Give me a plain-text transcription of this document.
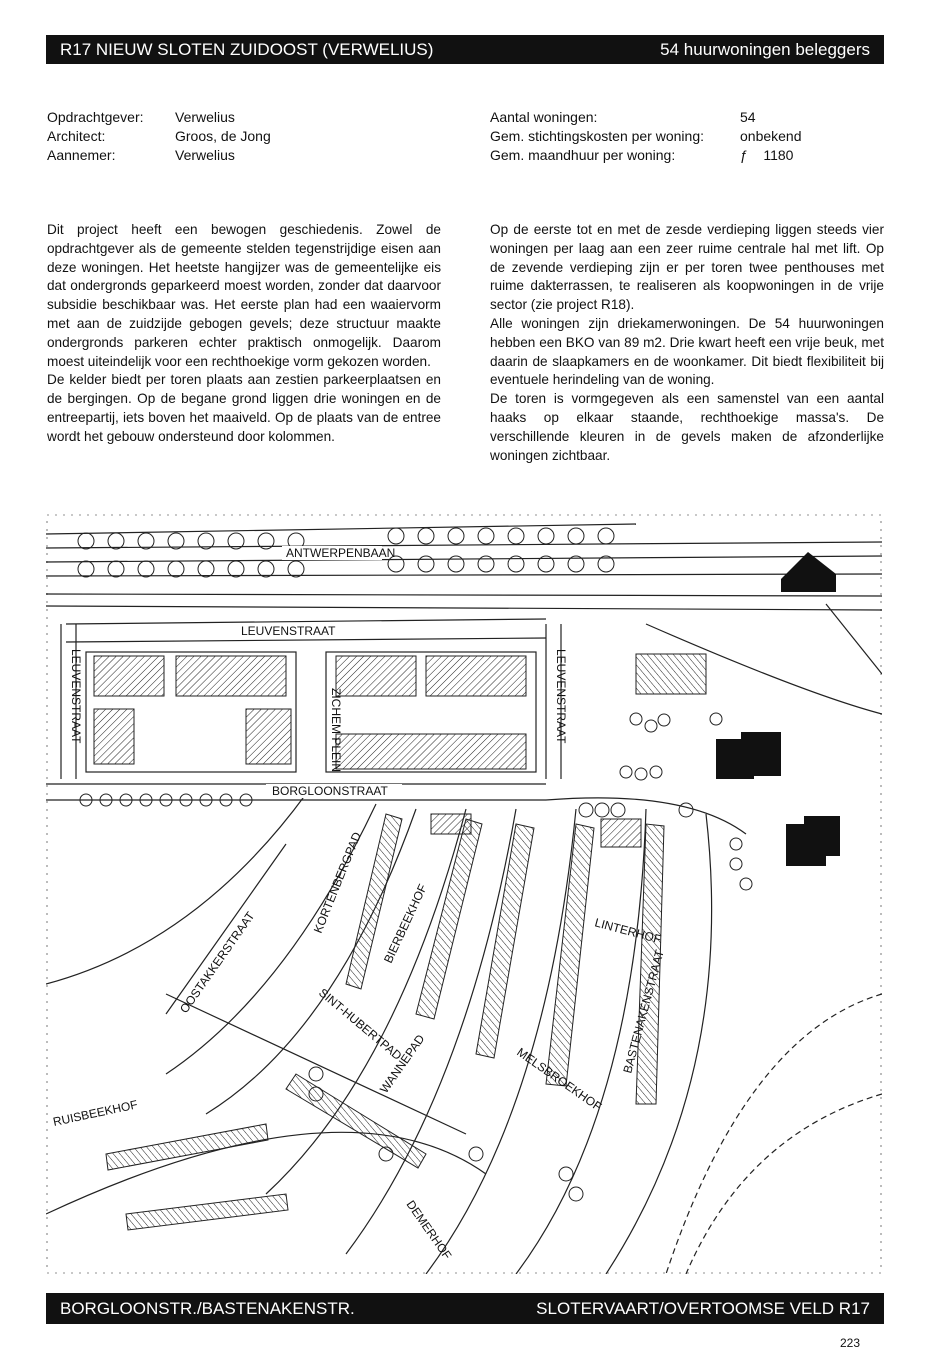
R17 NIEUW SLOTEN ZUIDOOST (VERWELIUS)	54 huurwoningen beleggers
Opdrachtgever:	Verwelius
Architect:	Groos, de Jong
Aannemer:	Verwelius
Aantal woningen:	54
Gem. stichtingskosten per woning:	onbekend
Gem. maandhuur per woning:	ƒ    1180

Dit project heeft een bewogen geschiedenis. Zowel de opdrachtgever als de gemeente stelden tegenstrijdige eisen aan deze woningen. Het heetste hangijzer was de gemeentelijke eis dat ondergronds geparkeerd moest worden, zonder dat daarvoor subsidie beschikbaar was. Het eerste plan had een waaiervorm met aan de zuidzijde gebogen gevels; deze structuur maakte ondergronds parkeren echter praktisch onmogelijk. Daarom moest uiteindelijk voor een rechthoekige vorm gekozen worden.

De kelder biedt per toren plaats aan zestien parkeerplaatsen en de bergingen. Op de begane grond liggen drie woningen en de entreepartij, iets boven het maaiveld. Op de plaats van de entree wordt het gebouw ondersteund door kolommen.

Op de eerste tot en met de zesde verdieping liggen steeds vier woningen per laag aan een zeer ruime centrale hal met lift. Op de zevende verdieping zijn er per toren twee penthouses met ruime dakterrassen, te realiseren als koopwoningen in de vrije sector (zie project R18).

Alle woningen zijn driekamerwoningen. De 54 huurwoningen hebben een BKO van 89 m2. Drie kwart heeft een vrije beuk, met daarin de slaapkamers en de woonkamer. Dit biedt flexibiliteit bij eventuele herindeling van de woning.

De toren is vormgegeven als een samenstel van een aantal haaks op elkaar staande, rechthoekige massa's. De verschillende kleuren in de gevels maken de afzonderlijke woningen zichtbaar.

ANTWERPENBAAN
LEUVENSTRAAT
LEUVENSTRAAT	LEUVENSTRAAT
ZICHEM PLEIN
BORGLOONSTRAAT
KORTENBERGPAD BIERBEEKHOF
OOSTAKKERSTRAAT
SINT-HUBERTPAD
WANNEPAD	MELSBROEKHOF
LINTERHOF
BASTENAKENSTRAAT
RUISBEEKHOF
DEMERHOF
BORGLOONSTR./BASTENAKENSTR.	SLOTERVAART/OVERTOOMSE VELD R17
223
